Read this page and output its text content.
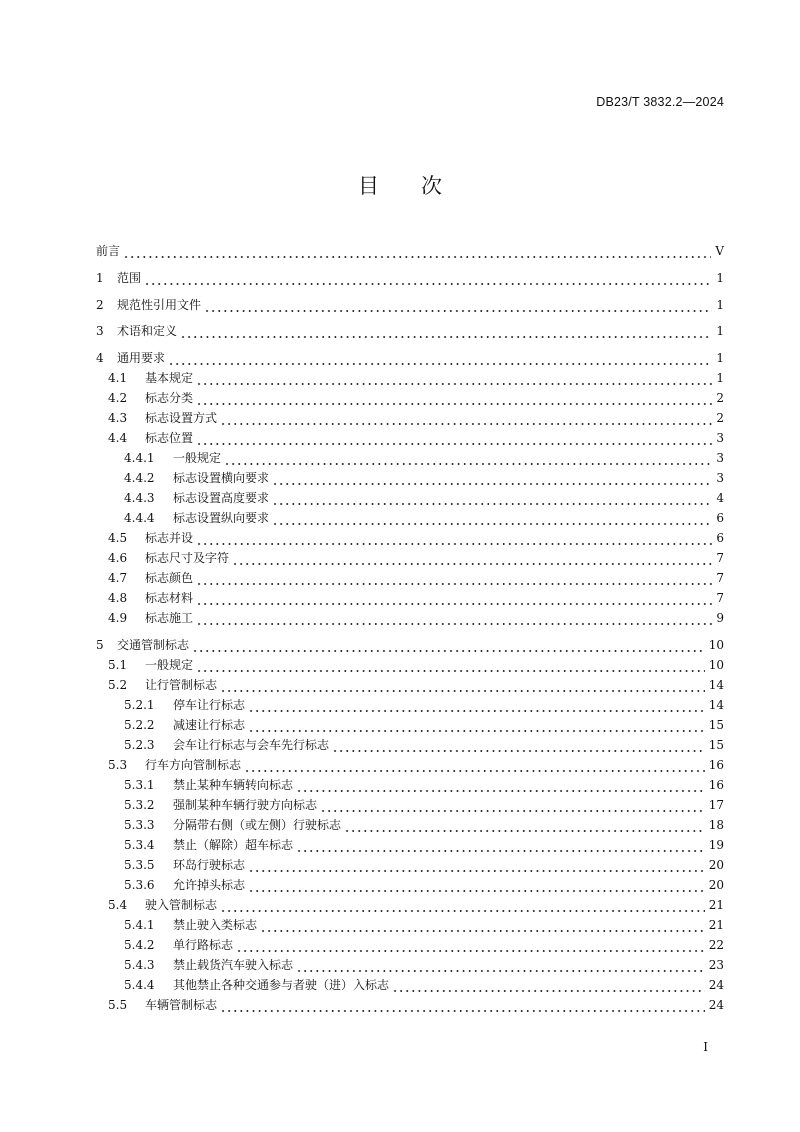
DB23/T 3832.2—2024
目次
前言	V
1	范围	1
2	规范性引用文件	1
3	术语和定义	1
4	通用要求	1
4.1	基本规定	1
4.2	标志分类	2
4.3	标志设置方式	2
4.4	标志位置	3
4.4.1	一般规定	3
4.4.2	标志设置横向要求	3
4.4.3	标志设置高度要求	4
4.4.4	标志设置纵向要求	6
4.5	标志并设	6
4.6	标志尺寸及字符	7
4.7	标志颜色	7
4.8	标志材料	7
4.9	标志施工	9
5	交通管制标志	10
5.1	一般规定	10
5.2	让行管制标志	14
5.2.1	停车让行标志	14
5.2.2	减速让行标志	15
5.2.3	会车让行标志与会车先行标志	15
5.3	行车方向管制标志	16
5.3.1	禁止某种车辆转向标志	16
5.3.2	强制某种车辆行驶方向标志	17
5.3.3	分隔带右侧（或左侧）行驶标志	18
5.3.4	禁止（解除）超车标志	19
5.3.5	环岛行驶标志	20
5.3.6	允许掉头标志	20
5.4	驶入管制标志	21
5.4.1	禁止驶入类标志	21
5.4.2	单行路标志	22
5.4.3	禁止载货汽车驶入标志	23
5.4.4	其他禁止各种交通参与者驶（进）入标志	24
5.5	车辆管制标志	24
I
